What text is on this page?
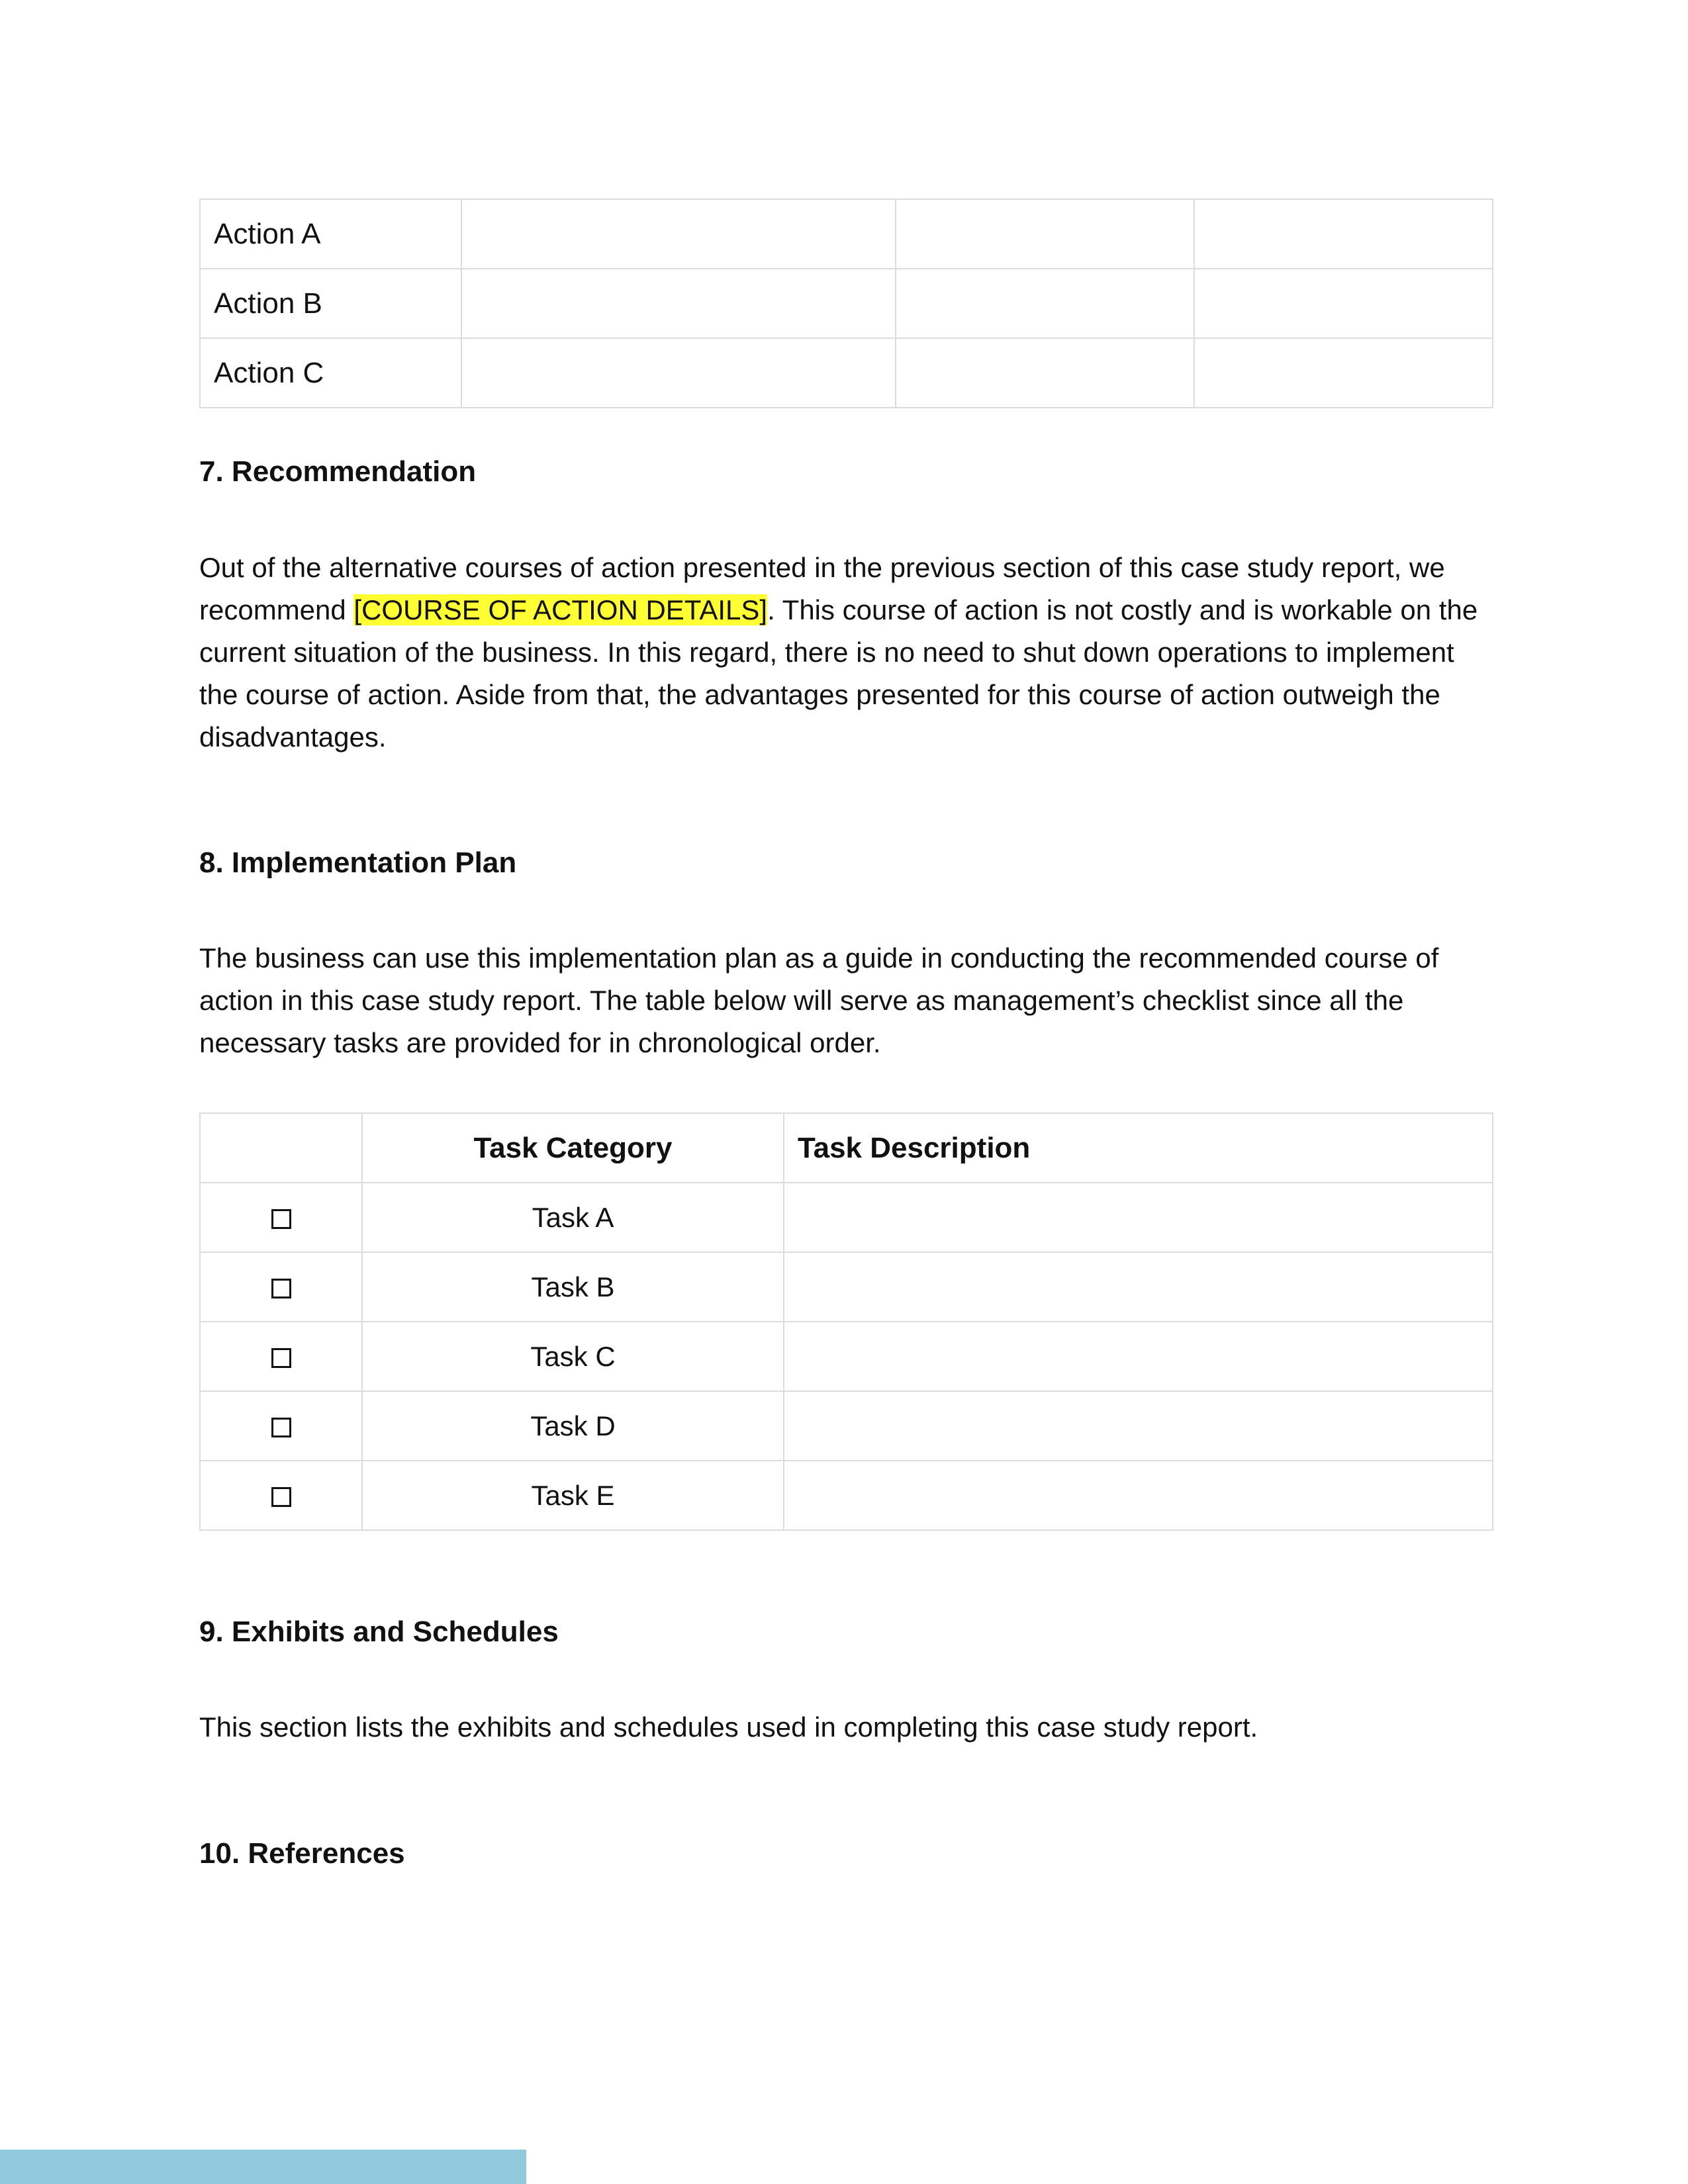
Action A			
Action B			
Action C			
7. Recommendation

Out of the alternative courses of action presented in the previous section of this case study report, we recommend [COURSE OF ACTION DETAILS]. This course of action is not costly and is workable on the current situation of the business. In this regard, there is no need to shut down operations to implement the course of action. Aside from that, the advantages presented for this course of action outweigh the disadvantages.

8. Implementation Plan

The business can use this implementation plan as a guide in conducting the recommended course of action in this case study report. The table below will serve as management’s checklist since all the necessary tasks are provided for in chronological order.

	Task Category	Task Description
	Task A	
	Task B	
	Task C	
	Task D	
	Task E	
9. Exhibits and Schedules

This section lists the exhibits and schedules used in completing this case study report.

10. References
